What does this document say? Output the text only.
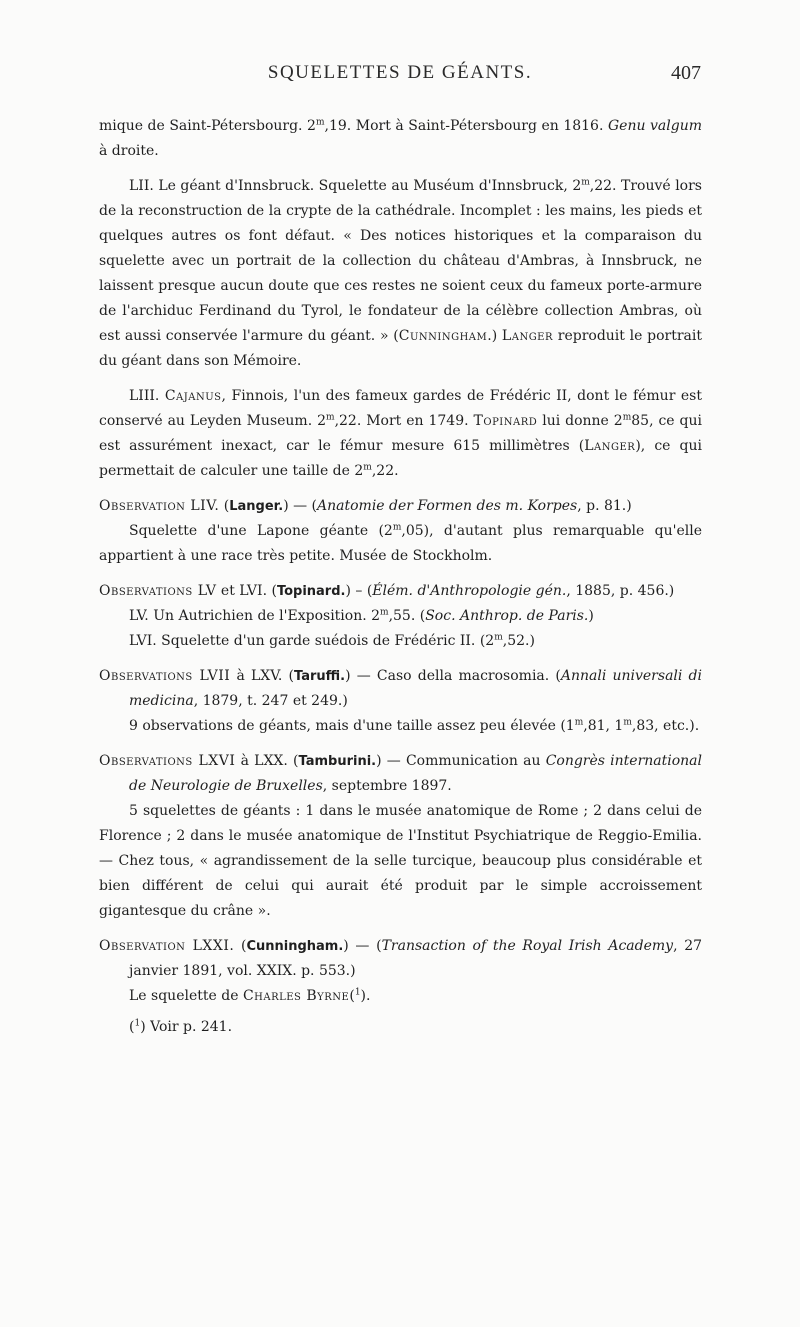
SQUELETTES DE GÉANTS.	407

mique de Saint-Pétersbourg. 2$^m$,19. Mort à Saint-Pétersbourg en 1816. Genu valgum à droite.

LII. Le géant d'Innsbruck. Squelette au Muséum d'Innsbruck, 2$^m$,22. Trouvé lors de la reconstruction de la crypte de la cathédrale. Incomplet : les mains, les pieds et quelques autres os font défaut. « Des notices historiques et la comparaison du squelette avec un portrait de la collection du château d'Ambras, à Innsbruck, ne laissent presque aucun doute que ces restes ne soient ceux du fameux porte-armure de l'archiduc Ferdinand du Tyrol, le fondateur de la célèbre collection Ambras, où est aussi conservée l'armure du géant. » (Cunningham.) Langer reproduit le portrait du géant dans son Mémoire.

LIII. Cajanus, Finnois, l'un des fameux gardes de Frédéric II, dont le fémur est conservé au Leyden Museum. 2$^m$,22. Mort en 1749. Topinard lui donne 2$^m$85, ce qui est assurément inexact, car le fémur mesure 615 millimètres (Langer), ce qui permettait de calculer une taille de 2$^m$,22.

Observation LIV. (Langer.) — (Anatomie der Formen des m. Korpes, p. 81.)

Squelette d'une Lapone géante (2$^m$,05), d'autant plus remarquable qu'elle appartient à une race très petite. Musée de Stockholm.

Observations LV et LVI. (Topinard.) – (Élém. d'Anthropologie gén., 1885, p. 456.)

LV. Un Autrichien de l'Exposition. 2$^m$,55. (Soc. Anthrop. de Paris.)

LVI. Squelette d'un garde suédois de Frédéric II. (2$^m$,52.)

Observations LVII à LXV. (Taruffi.) — Caso della macrosomia. (Annali universali di medicina, 1879, t. 247 et 249.)

9 observations de géants, mais d'une taille assez peu élevée (1$^m$,81, 1$^m$,83, etc.).

Observations LXVI à LXX. (Tamburini.) — Communication au Congrès international de Neurologie de Bruxelles, septembre 1897.

5 squelettes de géants : 1 dans le musée anatomique de Rome ; 2 dans celui de Florence ; 2 dans le musée anatomique de l'Institut Psychiatrique de Reggio-Emilia. — Chez tous, « agrandissement de la selle turcique, beaucoup plus considérable et bien différent de celui qui aurait été produit par le simple accroissement gigantesque du crâne ».

Observation LXXI. (Cunningham.) — (Transaction of the Royal Irish Academy, 27 janvier 1891, vol. XXIX. p. 553.)

Le squelette de Charles Byrne($^1$).

($^1$) Voir p. 241.
